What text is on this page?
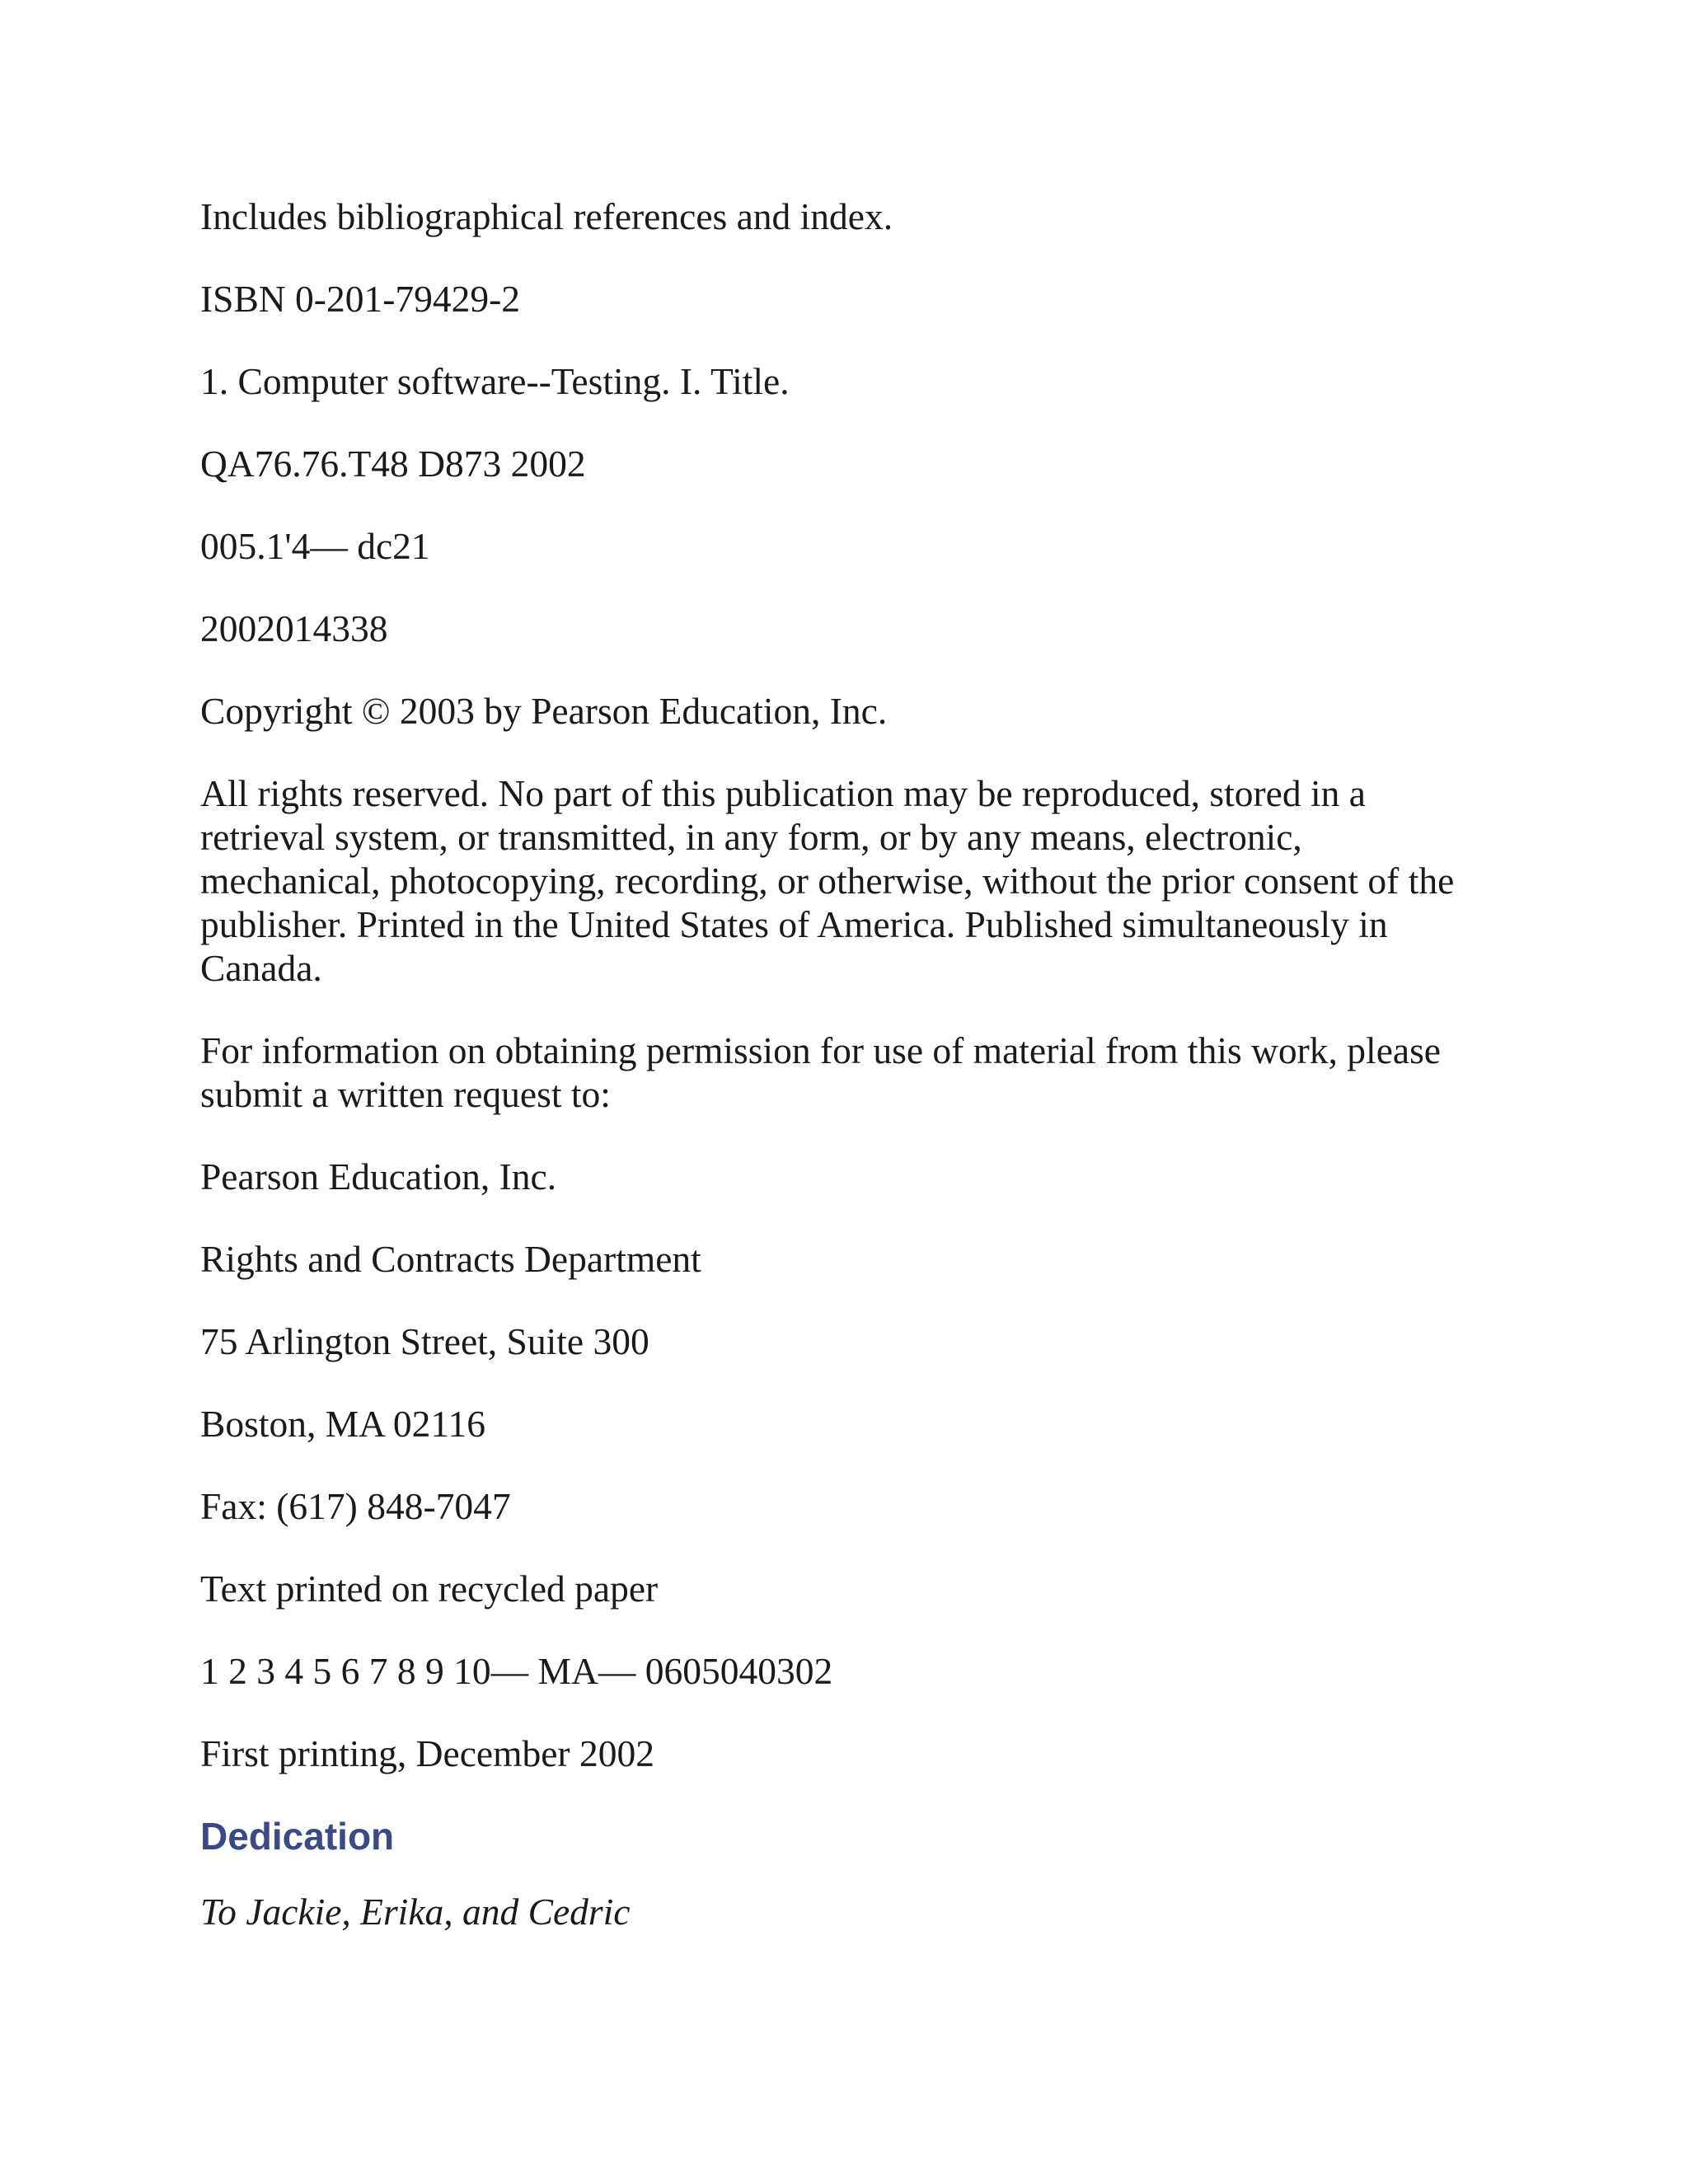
Includes bibliographical references and index.

ISBN 0-201-79429-2

1. Computer software--Testing. I. Title.

QA76.76.T48 D873 2002

005.1'4— dc21

2002014338

Copyright © 2003 by Pearson Education, Inc.

All rights reserved. No part of this publication may be reproduced, stored in a retrieval system, or transmitted, in any form, or by any means, electronic, mechanical, photocopying, recording, or otherwise, without the prior consent of the publisher. Printed in the United States of America. Published simultaneously in Canada.

For information on obtaining permission for use of material from this work, please submit a written request to:

Pearson Education, Inc.

Rights and Contracts Department

75 Arlington Street, Suite 300

Boston, MA 02116

Fax: (617) 848-7047

Text printed on recycled paper

1 2 3 4 5 6 7 8 9 10— MA— 0605040302

First printing, December 2002

Dedication

To Jackie, Erika, and Cedric
